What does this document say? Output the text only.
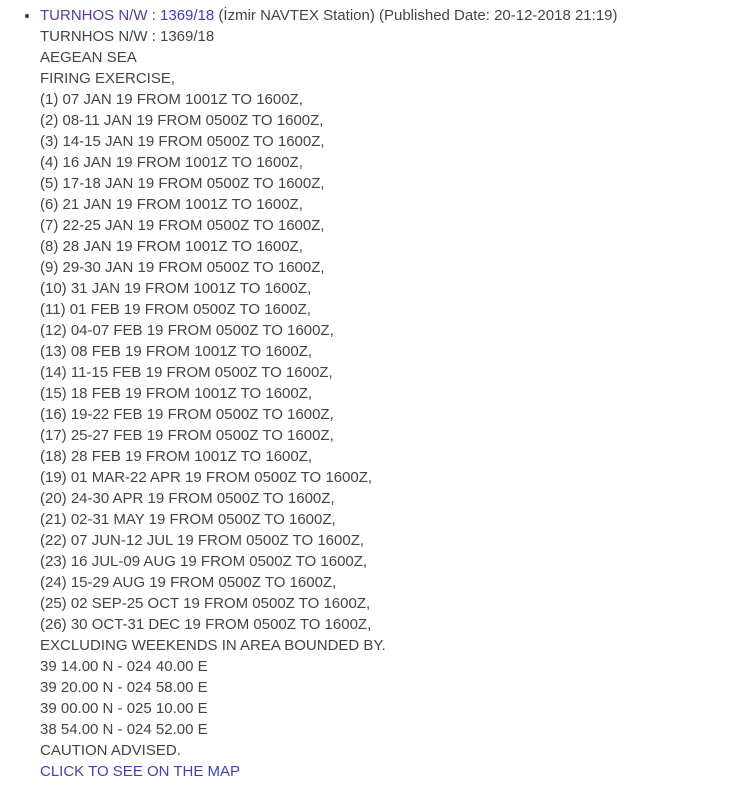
• TURNHOS N/W : 1369/18 (İzmir NAVTEX Station) (Published Date: 20-12-2018 21:19)
TURNHOS N/W : 1369/18
AEGEAN SEA
FIRING EXERCISE,
(1) 07 JAN 19 FROM 1001Z TO 1600Z,
(2) 08-11 JAN 19 FROM 0500Z TO 1600Z,
(3) 14-15 JAN 19 FROM 0500Z TO 1600Z,
(4) 16 JAN 19 FROM 1001Z TO 1600Z,
(5) 17-18 JAN 19 FROM 0500Z TO 1600Z,
(6) 21 JAN 19 FROM 1001Z TO 1600Z,
(7) 22-25 JAN 19 FROM 0500Z TO 1600Z,
(8) 28 JAN 19 FROM 1001Z TO 1600Z,
(9) 29-30 JAN 19 FROM 0500Z TO 1600Z,
(10) 31 JAN 19 FROM 1001Z TO 1600Z,
(11) 01 FEB 19 FROM 0500Z TO 1600Z,
(12) 04-07 FEB 19 FROM 0500Z TO 1600Z,
(13) 08 FEB 19 FROM 1001Z TO 1600Z,
(14) 11-15 FEB 19 FROM 0500Z TO 1600Z,
(15) 18 FEB 19 FROM 1001Z TO 1600Z,
(16) 19-22 FEB 19 FROM 0500Z TO 1600Z,
(17) 25-27 FEB 19 FROM 0500Z TO 1600Z,
(18) 28 FEB 19 FROM 1001Z TO 1600Z,
(19) 01 MAR-22 APR 19 FROM 0500Z TO 1600Z,
(20) 24-30 APR 19 FROM 0500Z TO 1600Z,
(21) 02-31 MAY 19 FROM 0500Z TO 1600Z,
(22) 07 JUN-12 JUL 19 FROM 0500Z TO 1600Z,
(23) 16 JUL-09 AUG 19 FROM 0500Z TO 1600Z,
(24) 15-29 AUG 19 FROM 0500Z TO 1600Z,
(25) 02 SEP-25 OCT 19 FROM 0500Z TO 1600Z,
(26) 30 OCT-31 DEC 19 FROM 0500Z TO 1600Z,
EXCLUDING WEEKENDS IN AREA BOUNDED BY.
39 14.00 N - 024 40.00 E
39 20.00 N - 024 58.00 E
39 00.00 N - 025 10.00 E
38 54.00 N - 024 52.00 E
CAUTION ADVISED.
CLICK TO SEE ON THE MAP
